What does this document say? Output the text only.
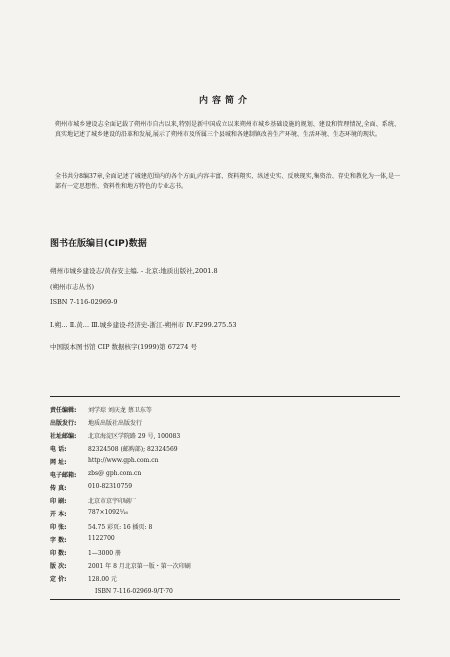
内容简介
朔州市城乡建设志全面记载了朔州市自古以来,特别是新中国成立以来朔州市城乡基础设施的规划、建设和管理情况,全面、系统、真实地记述了城乡建设的沿革和发展,展示了朔州市及所属三个县城和各建制镇改善生产环境、生活环境、生态环境的现状。
全书共分8编37章,全面记述了城建范围内的各个方面,内容丰富、资料翔实、纵述史实、反映现实,集资治、存史和教化为一体,是一部有一定思想性、资料性和地方特色的专业志书。
图书在版编目(CIP)数据
朔州市城乡建设志/黄春安主编. - 北京:地质出版社,2001.8
(朔州市志丛书)
ISBN 7-116-02969-9
Ⅰ.朔… Ⅱ.黄… Ⅲ.城乡建设-经济史-浙江-朔州市 Ⅳ.F299.275.53
中国版本图书馆 CIP 数据核字(1999)第 67274 号
责任编辑: 刘学琮 刘庆龙 蔡卫东等
出版发行: 地质出版社出版发行
社址邮编: 北京海淀区学院路 29 号, 100083
电 话:	82324508 (邮购部); 82324569
网 址:	http://www.gph.com.cn
电子邮箱: zbs@ gph.com.cn
传 真:	010-82310759
印 刷:	北京市京宇印刷厂
开 本:	787×1092⅟₁₆
印 张:	54.75 彩页: 16 插页: 8
字 数:	1122700
印 数:	1—3000 册
版 次:	2001 年 8 月北京第一版・第一次印刷
定 价:	128.00 元
ISBN 7-116-02969-9/T·70
